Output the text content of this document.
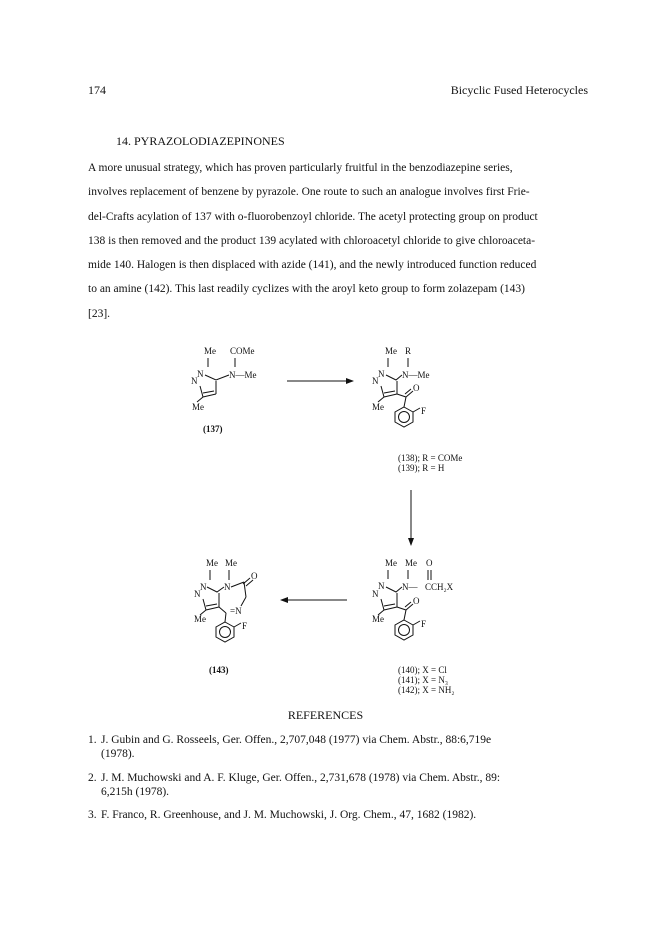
174	Bicyclic Fused Heterocycles
14. PYRAZOLODIAZEPINONES

A more unusual strategy, which has proven particularly fruitful in the benzodiazepine series,

involves replacement of benzene by pyrazole. One route to such an analogue involves first Frie-

del-Crafts acylation of 137 with o-fluorobenzoyl chloride. The acetyl protecting group on product

138 is then removed and the product 139 acylated with chloroacetyl chloride to give chloroaceta-

mide 140. Halogen is then displaced with azide (141), and the newly introduced function reduced

to an amine (142). This last readily cyclizes with the aroyl keto group to form zolazepam (143)

[23].

Me COMe
N
N
N—Me
Me
(137)
Me R
N
N
N—Me
Me
O
F
(138); R = COMe
(139); R = H
Me Me O
N
N
N— CCH₂X
Me
O
F
(140); X = Cl
(141); X = N₃
(142); X = NH₂
Me Me
N
N
N
O
=N
Me
F
(143)
REFERENCES
1. J. Gubin and G. Rosseels, Ger. Offen., 2,707,048 (1977) via Chem. Abstr., 88:6,719e
(1978).
2. J. M. Muchowski and A. F. Kluge, Ger. Offen., 2,731,678 (1978) via Chem. Abstr., 89:
6,215h (1978).
3. F. Franco, R. Greenhouse, and J. M. Muchowski, J. Org. Chem., 47, 1682 (1982).
